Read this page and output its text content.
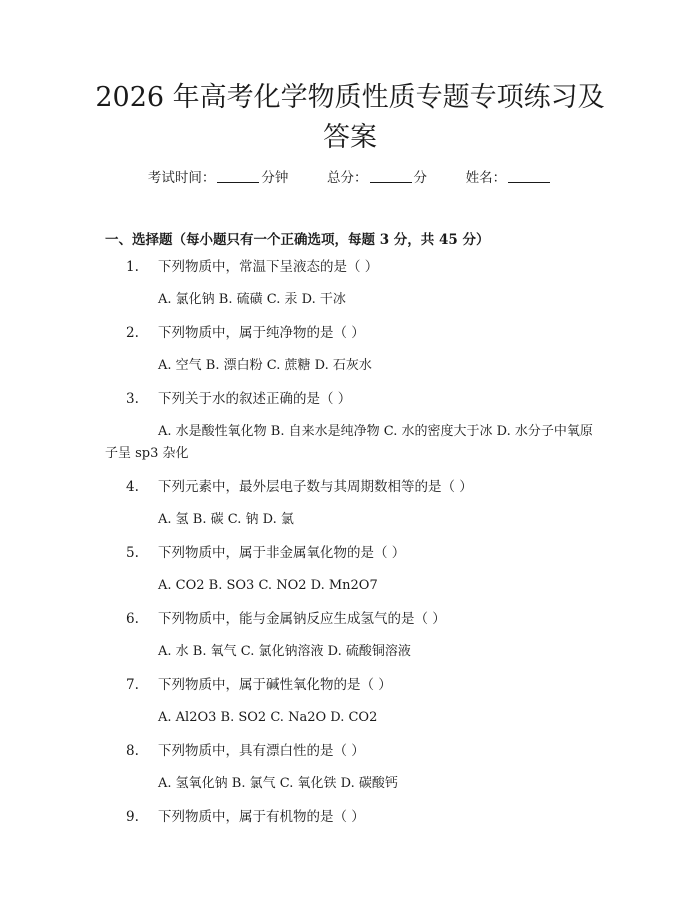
2026 年高考化学物质性质专题专项练习及答案
考试时间：	分钟	总分：	分	姓名：
一、选择题（每小题只有一个正确选项，每题 3 分，共 45 分）
1.	下列物质中，常温下呈液态的是（ ）
A. 氯化钠 B. 硫磺 C. 汞 D. 干冰
2.	下列物质中，属于纯净物的是（ ）
A. 空气 B. 漂白粉 C. 蔗糖 D. 石灰水
3.	下列关于水的叙述正确的是（ ）
A. 水是酸性氧化物 B. 自来水是纯净物 C. 水的密度大于冰 D. 水分子中氧原子呈 sp3 杂化
4.	下列元素中，最外层电子数与其周期数相等的是（ ）
A. 氢 B. 碳 C. 钠 D. 氯
5.	下列物质中，属于非金属氧化物的是（ ）
A. CO2 B. SO3 C. NO2 D. Mn2O7
6.	下列物质中，能与金属钠反应生成氢气的是（ ）
A. 水 B. 氧气 C. 氯化钠溶液 D. 硫酸铜溶液
7.	下列物质中，属于碱性氧化物的是（ ）
A. Al2O3 B. SO2 C. Na2O D. CO2
8.	下列物质中，具有漂白性的是（ ）
A. 氢氧化钠 B. 氯气 C. 氧化铁 D. 碳酸钙
9.	下列物质中，属于有机物的是（ ）
